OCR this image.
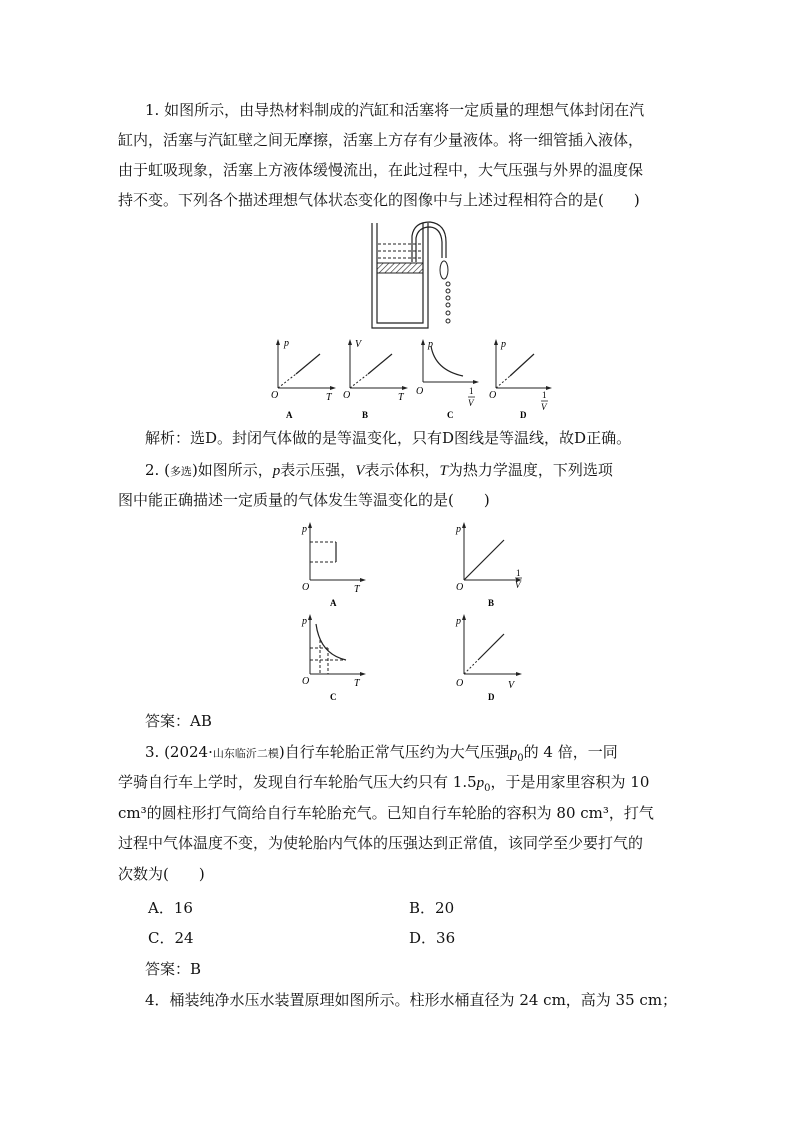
1. 如图所示，由导热材料制成的汽缸和活塞将一定质量的理想气体封闭在汽
缸内，活塞与汽缸壁之间无摩擦，活塞上方存有少量液体。将一细管插入液体，
由于虹吸现象，活塞上方液体缓慢流出，在此过程中，大气压强与外界的温度保
持不变。下列各个描述理想气体状态变化的图像中与上述过程相符合的是(　　)
p
O	T
A
V
O	T
B
p
O	1
V
C
p
O	1
V
D
解析：选D。封闭气体做的是等温变化，只有D图线是等温线，故D正确。
2. (多选)如图所示，p表示压强，V表示体积，T为热力学温度，下列选项
图中能正确描述一定质量的气体发生等温变化的是(　　)
p
O	T
A
p
O
1
V
B
p
O	T
C
p
O	V
D
答案：AB
3. (2024·山东临沂二模)自行车轮胎正常气压约为大气压强$p_0$的 4 倍，一同
学骑自行车上学时，发现自行车轮胎气压大约只有 $1.5p_0$，于是用家里容积为 10
cm³的圆柱形打气筒给自行车轮胎充气。已知自行车轮胎的容积为 80 cm³，打气
过程中气体温度不变，为使轮胎内气体的压强达到正常值，该同学至少要打气的
次数为(　　)
A．16	B．20
C．24	D．36
答案：B
4．桶装纯净水压水装置原理如图所示。柱形水桶直径为 24 cm，高为 35 cm；
